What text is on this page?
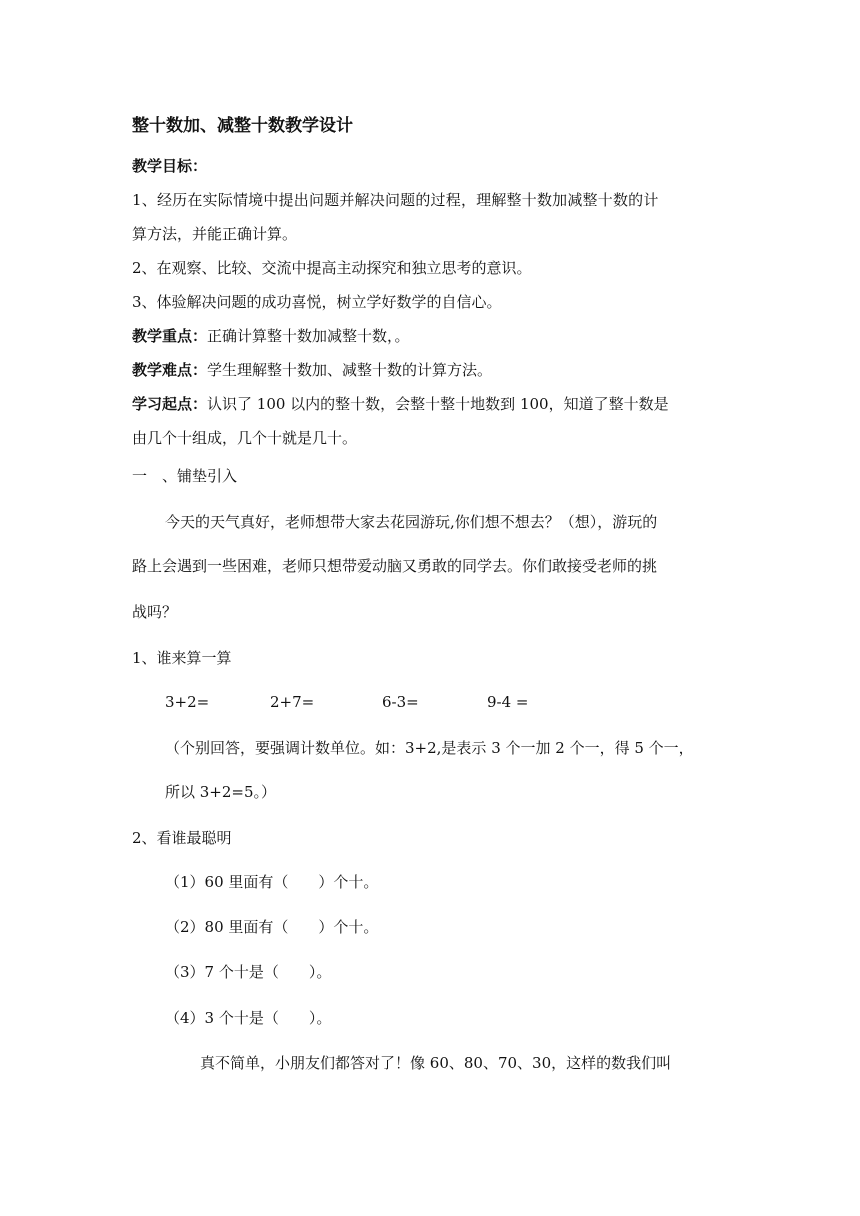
整十数加、减整十数教学设计
教学目标：
1、经历在实际情境中提出问题并解决问题的过程，理解整十数加减整十数的计
算方法，并能正确计算。
2、在观察、比较、交流中提高主动探究和独立思考的意识。
3、体验解决问题的成功喜悦，树立学好数学的自信心。
教学重点：正确计算整十数加减整十数，。
教学难点：学生理解整十数加、减整十数的计算方法。
学习起点：认识了 100 以内的整十数，会整十整十地数到 100，知道了整十数是
由几个十组成，几个十就是几十。
一　、铺垫引入
今天的天气真好，老师想带大家去花园游玩,你们想不想去？（想），游玩的
路上会遇到一些困难，老师只想带爱动脑又勇敢的同学去。你们敢接受老师的挑
战吗？
1、谁来算一算
3+2=	2+7=	6-3=	9-4 =
（个别回答，要强调计数单位。如：3+2,是表示 3 个一加 2 个一，得 5 个一，
所以 3+2=5。）
2、看谁最聪明
（1）60 里面有（　　）个十。
（2）80 里面有（　　）个十。
（3）7 个十是（　　）。
（4）3 个十是（　　）。
真不简单，小朋友们都答对了！像 60、80、70、30，这样的数我们叫
